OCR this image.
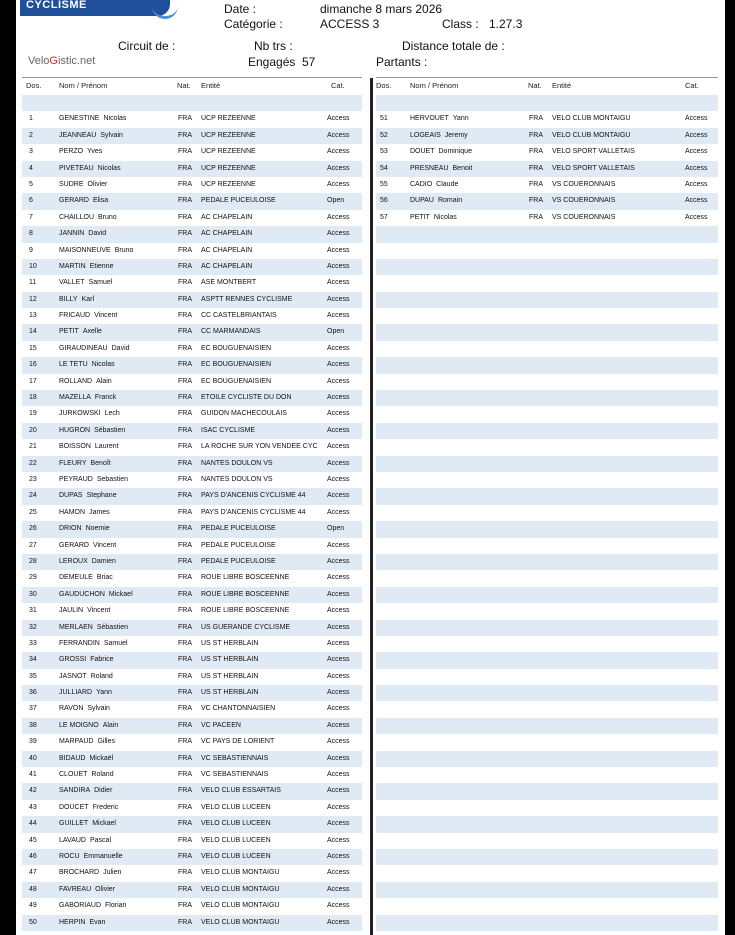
CYCLISME	Date :	dimanche 8 mars 2026
Catégorie :	ACCESS 3	Class : 1.27.3
Circuit de :	Nb trs :	Distance totale de :
Engagés 57	Partants :
VeloGistic.net
Dos. Nom / Prénom	Nat. Entité	Cat.	Dos. Nom / Prénom	Nat. Entité	Cat.
1	GENESTINE Nicolas	FRA UCP REZEENNE	Access
2	JEANNEAU Sylvain	FRA UCP REZEENNE	Access
3	PERZO Yves	FRA UCP REZEENNE	Access
4	PIVETEAU Nicolas	FRA UCP REZEENNE	Access
5	SUDRE Olivier	FRA UCP REZEENNE	Access
6	GERARD Elisa	FRA PEDALE PUCEULOISE	Open
7	CHAILLOU Bruno	FRA AC CHAPELAIN	Access
8	JANNIN David	FRA AC CHAPELAIN	Access
9	MAISONNEUVE Bruno	FRA AC CHAPELAIN	Access
10	MARTIN Etienne	FRA AC CHAPELAIN	Access
11	VALLET Samuel	FRA ASE MONTBERT	Access
12	BILLY Karl	FRA ASPTT RENNES CYCLISME	Access
13	FRICAUD Vincent	FRA CC CASTELBRIANTAIS	Access
14	PETIT Axelle	FRA CC MARMANDAIS	Open
15	GIRAUDINEAU David	FRA EC BOUGUENAISIEN	Access
16	LE TETU Nicolas	FRA EC BOUGUENAISIEN	Access
17	ROLLAND Alain	FRA EC BOUGUENAISIEN	Access
18	MAZELLA Franck	FRA ETOILE CYCLISTE DU DON	Access
19	JURKOWSKI Lech	FRA GUIDON MACHECOULAIS	Access
20	HUGRON Sébastien	FRA ISAC CYCLISME	Access
21	BOISSON Laurent	FRA LA ROCHE SUR YON VENDEE CYC Access
22	FLEURY Benoît	FRA NANTES DOULON VS	Access
23	PEYRAUD Sebastien	FRA NANTES DOULON VS	Access
24	DUPAS Stephane	FRA PAYS D'ANCENIS CYCLISME 44	Access
25	HAMON James	FRA PAYS D'ANCENIS CYCLISME 44	Access
26	DRION Noemie	FRA PEDALE PUCEULOISE	Open
27	GERARD Vincent	FRA PEDALE PUCEULOISE	Access
28	LEROUX Damien	FRA PEDALE PUCEULOISE	Access
29	DEMEULE Briac	FRA ROUE LIBRE BOSCEENNE	Access
30	GAUDUCHON Mickael	FRA ROUE LIBRE BOSCEENNE	Access
31	JAULIN Vincent	FRA ROUE LIBRE BOSCEENNE	Access
32	MERLAEN Sébastien	FRA US GUERANDE CYCLISME	Access
33	FERRANDIN Samuel	FRA US ST HERBLAIN	Access
34	GROSSI Fabrice	FRA US ST HERBLAIN	Access
35	JASNOT Roland	FRA US ST HERBLAIN	Access
36	JULLIARD Yann	FRA US ST HERBLAIN	Access
37	RAVON Sylvain	FRA VC CHANTONNAISIEN	Access
38	LE MOIGNO Alain	FRA VC PACEEN	Access
39	MARPAUD Gilles	FRA VC PAYS DE LORIENT	Access
40	BIDAUD Mickaël	FRA VC SEBASTIENNAIS	Access
41	CLOUET Roland	FRA VC SEBASTIENNAIS	Access
42	SANDIRA Didier	FRA VELO CLUB ESSARTAIS	Access
43	DOUCET Frederic	FRA VELO CLUB LUCEEN	Access
44	GUILLET Mickael	FRA VELO CLUB LUCEEN	Access
45	LAVAUD Pascal	FRA VELO CLUB LUCEEN	Access
46	ROCU Emmanuelle	FRA VELO CLUB LUCEEN	Access
47	BROCHARD Julien	FRA VELO CLUB MONTAIGU	Access
48	FAVREAU Olivier	FRA VELO CLUB MONTAIGU	Access
49	GABORIAUD Florian	FRA VELO CLUB MONTAIGU	Access
50	HERPIN Evan	FRA VELO CLUB MONTAIGU	Access
51	HERVOUET Yann	FRA VELO CLUB MONTAIGU	Access
52	LOGEAIS Jeremy	FRA VELO CLUB MONTAIGU	Access
53	DOUET Dominique	FRA VELO SPORT VALLETAIS	Access
54	PRESNEAU Benoit	FRA VELO SPORT VALLETAIS	Access
55	CADIO Claude	FRA VS COUERONNAIS	Access
56	DUPAU Romain	FRA VS COUERONNAIS	Access
57	PETIT Nicolas	FRA VS COUERONNAIS	Access
